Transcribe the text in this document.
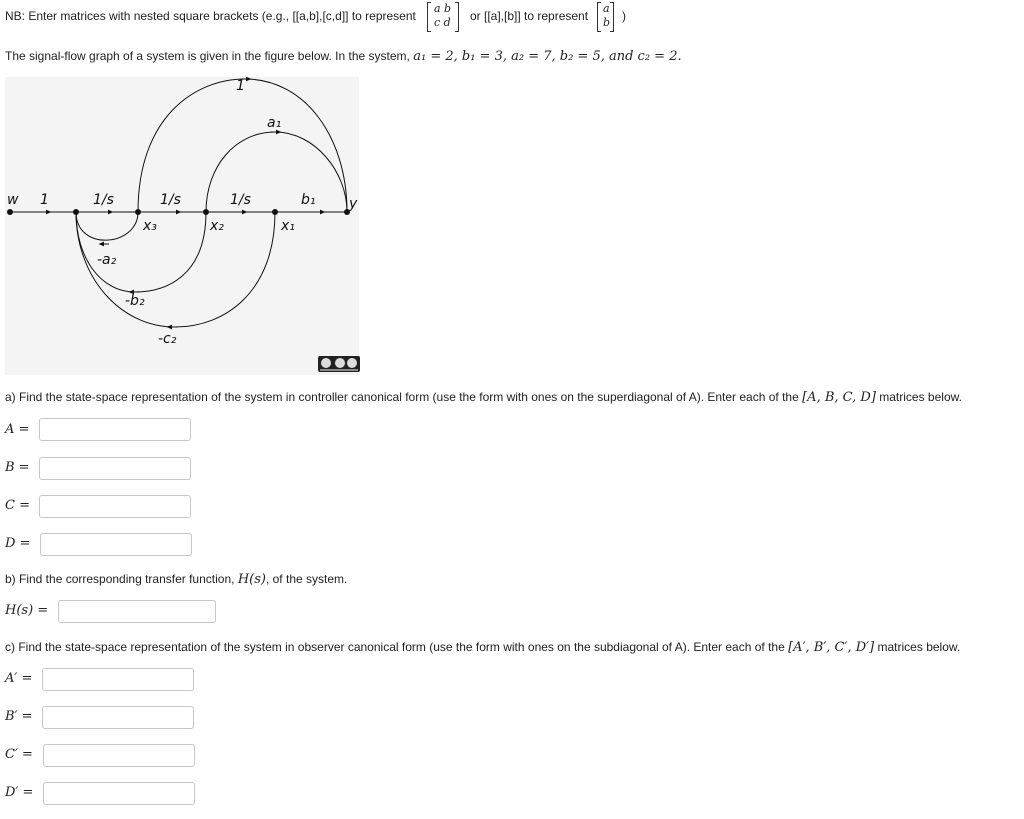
NB: Enter matrices with nested square brackets (e.g., [[a,b],[c,d]] to represent
a b
c d or [[a],[b]] to represent
a
b )
The signal-flow graph of a system is given in the figure below. In the system, a₁ = 2, b₁ = 3, a₂ = 7, b₂ = 5, and c₂ = 2.
w	y
1
1
1/s	1/s	1/s
x₃	x₂	x₁
a₁
b₁
-a₂
-b₂
-c₂
a) Find the state-space representation of the system in controller canonical form (use the form with ones on the superdiagonal of A). Enter each of the [A, B, C, D] matrices below.
A =
B =
C =
D =
b) Find the corresponding transfer function, H(s), of the system.
H(s) =
c) Find the state-space representation of the system in observer canonical form (use the form with ones on the subdiagonal of A). Enter each of the [A′, B′, C′, D′] matrices below.
A′ =
B′ =
C′ =
D′ =
